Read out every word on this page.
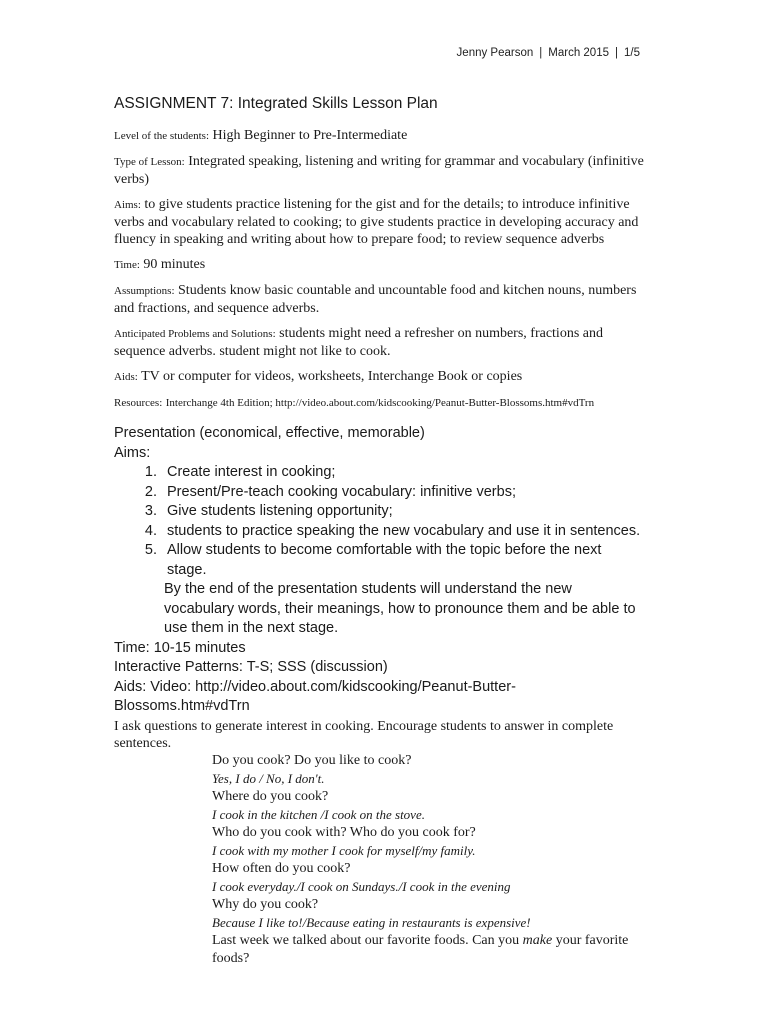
Jenny Pearson | March 2015 | 1/5
ASSIGNMENT 7: Integrated Skills Lesson Plan
Level of the students: High Beginner to Pre-Intermediate
Type of Lesson: Integrated speaking, listening and writing for grammar and vocabulary (infinitive verbs)
Aims: to give students practice listening for the gist and for the details; to introduce infinitive verbs and vocabulary related to cooking; to give students practice in developing accuracy and fluency in speaking and writing about how to prepare food; to review sequence adverbs
Time: 90 minutes
Assumptions: Students know basic countable and uncountable food and kitchen nouns, numbers and fractions, and sequence adverbs.
Anticipated Problems and Solutions: students might need a refresher on numbers, fractions and sequence adverbs. student might not like to cook.
Aids: TV or computer for videos, worksheets, Interchange Book or copies
Resources: Interchange 4th Edition; http://video.about.com/kidscooking/Peanut-Butter-Blossoms.htm#vdTrn
Presentation (economical, effective, memorable)
Aims:
1. Create interest in cooking;
2. Present/Pre-teach cooking vocabulary: infinitive verbs;
3. Give students listening opportunity;
4. students to practice speaking the new vocabulary and use it in sentences.
5. Allow students to become comfortable with the topic before the next stage.
By the end of the presentation students will understand the new vocabulary words, their meanings, how to pronounce them and be able to use them in the next stage.
Time: 10-15 minutes
Interactive Patterns: T-S; SSS (discussion)
Aids: Video: http://video.about.com/kidscooking/Peanut-Butter-Blossoms.htm#vdTrn
I ask questions to generate interest in cooking. Encourage students to answer in complete sentences.
Do you cook? Do you like to cook?
Yes, I do / No, I don't.
Where do you cook?
I cook in the kitchen /I cook on the stove.
Who do you cook with? Who do you cook for?
I cook with my mother I cook for myself/my family.
How often do you cook?
I cook everyday./I cook on Sundays./I cook in the evening
Why do you cook?
Because I like to!/Because eating in restaurants is expensive!
Last week we talked about our favorite foods. Can you make your favorite foods?
